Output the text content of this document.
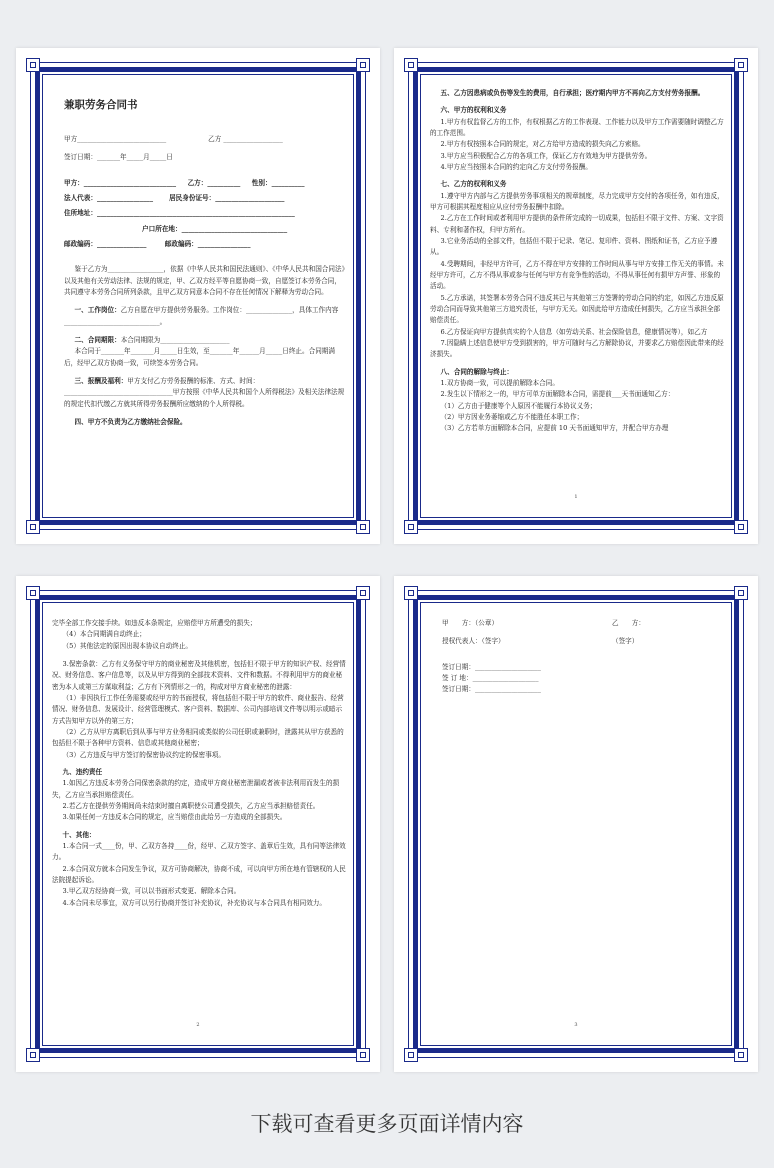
兼职劳务合同书

甲方___________________________                    乙方 __________________

签订日期：_______年_____月_____日

甲方：____________________________     乙方：__________     性别：__________

法人代表：_________________       居民身份证号：_____________________

住所地址：____________________________________________________________

户口所在地：________________________________

邮政编码：_______________        邮政编码：________________

鉴于乙方为_________________，依据《中华人民共和国民法通则》、《中华人民共和国合同法》以及其他有关劳动法律、法规的规定，甲、乙双方经平等自愿协商一致，自愿签订本劳务合同，共同遵守本劳务合同所列条款，且甲乙双方同意本合同不存在任何情况下解释为劳动合同。

一、工作岗位：乙方自愿在甲方提供劳务服务。工作岗位：______________，具体工作内容_____________________________。

二、合同期限：本合同期限为_____________________

本合同于_______年_______月_____日生效，至_______年______月_____日终止。合同期满后，经甲乙双方协商一致，可续签本劳务合同。

三、报酬及福利：甲方支付乙方劳务报酬的标准、方式、时间：_________________________________甲方按照《中华人民共和国个人所得税法》及相关法律法规的规定代扣代缴乙方就其所得劳务报酬所应缴纳的个人所得税。

四、甲方不负责为乙方缴纳社会保险。

五、乙方因患病或负伤等发生的费用，自行承担；医疗期内甲方不再向乙方支付劳务报酬。

六、甲方的权利和义务

1.甲方有权监督乙方的工作，有权根据乙方的工作表现、工作能力以及甲方工作需要随时调整乙方的工作范围。

2.甲方有权按照本合同的规定，对乙方给甲方造成的损失向乙方索赔。

3.甲方应当积极配合乙方的各项工作，保证乙方有效地为甲方提供劳务。

4.甲方应当按照本合同的约定向乙方支付劳务报酬。

七、乙方的权利和义务

1.遵守甲方内部与乙方提供劳务事项相关的规章制度，尽力完成甲方交付的各项任务，如有违反，甲方可根据其程度相应从应付劳务报酬中扣除。

2.乙方在工作时间或者利用甲方提供的条件所完成的一切成果，包括但不限于文件、方案、文字资料、专利和著作权，归甲方所有。

3.它业务活动的全部文件，包括但不限于记录、笔记、复印件、资料、图纸和证书，乙方应予遵从。

4.受聘期间，非经甲方许可，乙方不得在甲方安排的工作时间从事与甲方安排工作无关的事情。未经甲方许可，乙方不得从事或参与任何与甲方有竞争性的活动，不得从事任何有损甲方声誉、形象的活动。

5.乙方承诺，其签署本劳务合同不违反其已与其他第三方签署的劳动合同的约定，如因乙方违反原劳动合同而导致其他第三方追究责任，与甲方无关。如因此给甲方造成任何损失，乙方应当承担全部赔偿责任。

6.乙方保证向甲方提供真实的个人信息（如劳动关系、社会保险信息，健康情况等），如乙方

7.因隐瞒上述信息使甲方受到损害的，甲方可随时与乙方解除协议，并要求乙方赔偿因此带来的经济损失。

八、合同的解除与终止：

1.双方协商一致，可以提前解除本合同。

2.发生以下情形之一的，甲方可单方面解除本合同，需提前___天书面通知乙方：

（1）乙方由于健康等个人原因不能履行本协议义务；

（2）甲方因业务萎缩或乙方不能胜任本职工作；

（3）乙方若单方面解除本合同，应提前 10 天书面通知甲方，并配合甲方办理

1

完毕全部工作交接手续。如违反本条规定，应赔偿甲方所遭受的损失；

（4）本合同期满自动终止；

（5）其他法定的原因出现本协议自动终止。

3.保密条款：乙方有义务保守甲方的商业秘密及其他机密，包括但不限于甲方的知识产权、经营情况、财务信息、客户信息等，以及从甲方得到的全部技术资料、文件和数据。不得利用甲方的商业秘密为本人或第三方谋取利益；乙方有下列情形之一的，构成对甲方商业秘密的泄露：

（1）非因执行工作任务需要或经甲方的书面授权，将包括但不限于甲方的软件、商业报告、经营情况、财务信息、发展设计、经营管理模式、客户资料、数据库、公司内部培训文件等以明示或暗示方式告知甲方以外的第三方；

（2）乙方从甲方离职后到从事与甲方业务相同或类似的公司任职或兼职时，泄露其从甲方获悉的包括但不限于各种甲方资料、信息或其他商业秘密；

（3）乙方违反与甲方签订的保密协议约定的保密事项。

九、违约责任

1.如因乙方违反本劳务合同保密条款的约定，造成甲方商业秘密泄漏或者被非法利用而发生的损失，乙方应当承担赔偿责任。

2.若乙方在提供劳务期间尚未结束时擅自离职使公司遭受损失，乙方应当承担赔偿责任。

3.如果任何一方违反本合同的规定，应当赔偿由此给另一方造成的全部损失。

十、其他：

1.本合同一式____份，甲、乙双方各持____份，经甲、乙双方签字、盖章后生效，具有同等法律效力。

2.本合同双方就本合同发生争议，双方可协商解决，协商不成，可以向甲方所在地有管辖权的人民法院提起诉讼。

3.甲乙双方经协商一致，可以以书面形式变更、解除本合同。

4.本合同未尽事宜，双方可以另行协商并签订补充协议，补充协议与本合同具有相同效力。

2
甲　　方：（公章）	乙　　方：
授权代表人：（签字）	（签字）

签订日期：____________________

签 订 地：____________________

签订日期：____________________

3
下载可查看更多页面详情内容
